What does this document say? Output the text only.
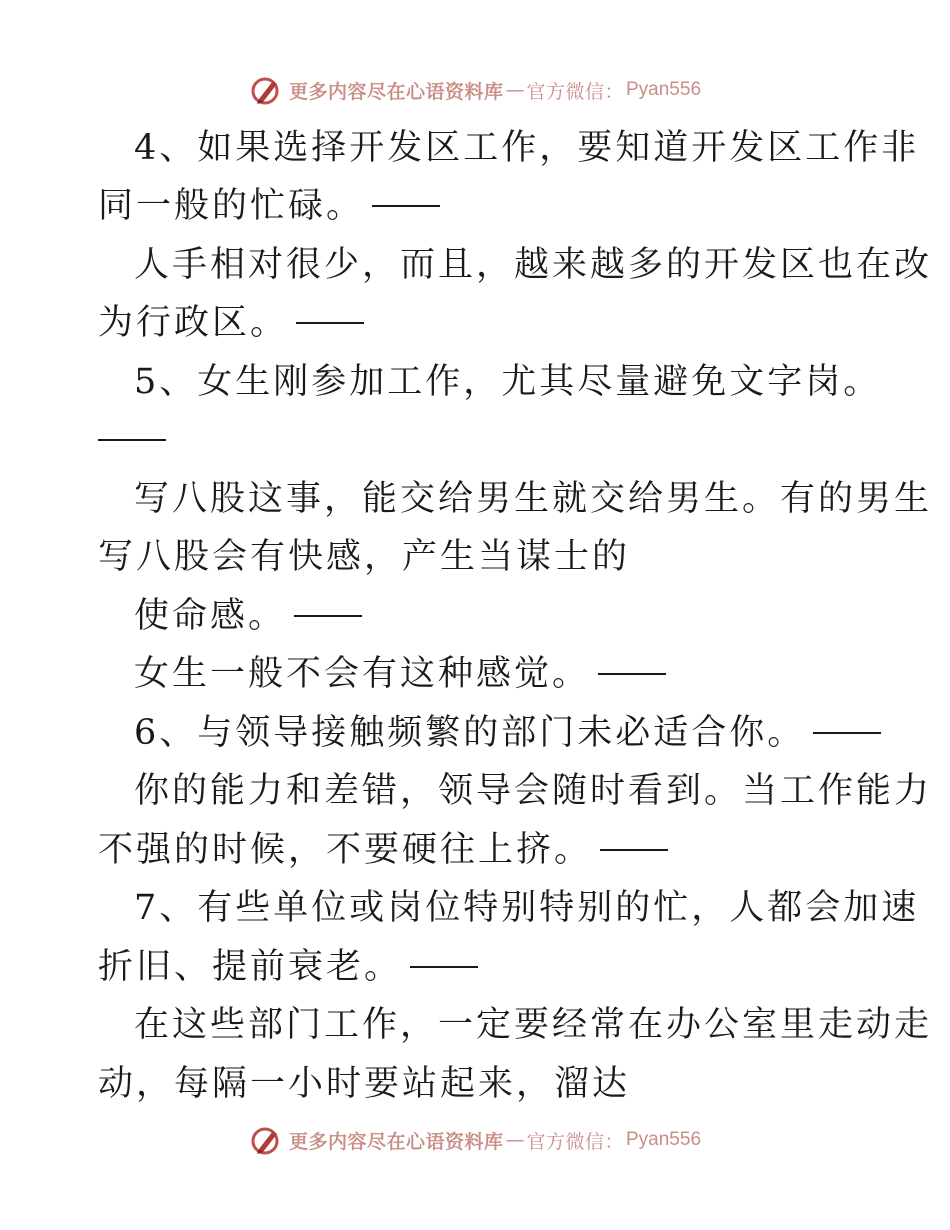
更多内容尽在心语资料库 — 官方微信： Pyan556
4、如果选择开发区工作，要知道开发区工作非
同一般的忙碌。
人手相对很少，而且，越来越多的开发区也在改
为行政区。
5、女生刚参加工作，尤其尽量避免文字岗。
写八股这事，能交给男生就交给男生。有的男生
写八股会有快感，产生当谋士的
使命感。
女生一般不会有这种感觉。
6、与领导接触频繁的部门未必适合你。
你的能力和差错，领导会随时看到。当工作能力
不强的时候，不要硬往上挤。
7、有些单位或岗位特别特别的忙，人都会加速
折旧、提前衰老。
在这些部门工作，一定要经常在办公室里走动走
动，每隔一小时要站起来，溜达
更多内容尽在心语资料库 — 官方微信： Pyan556
